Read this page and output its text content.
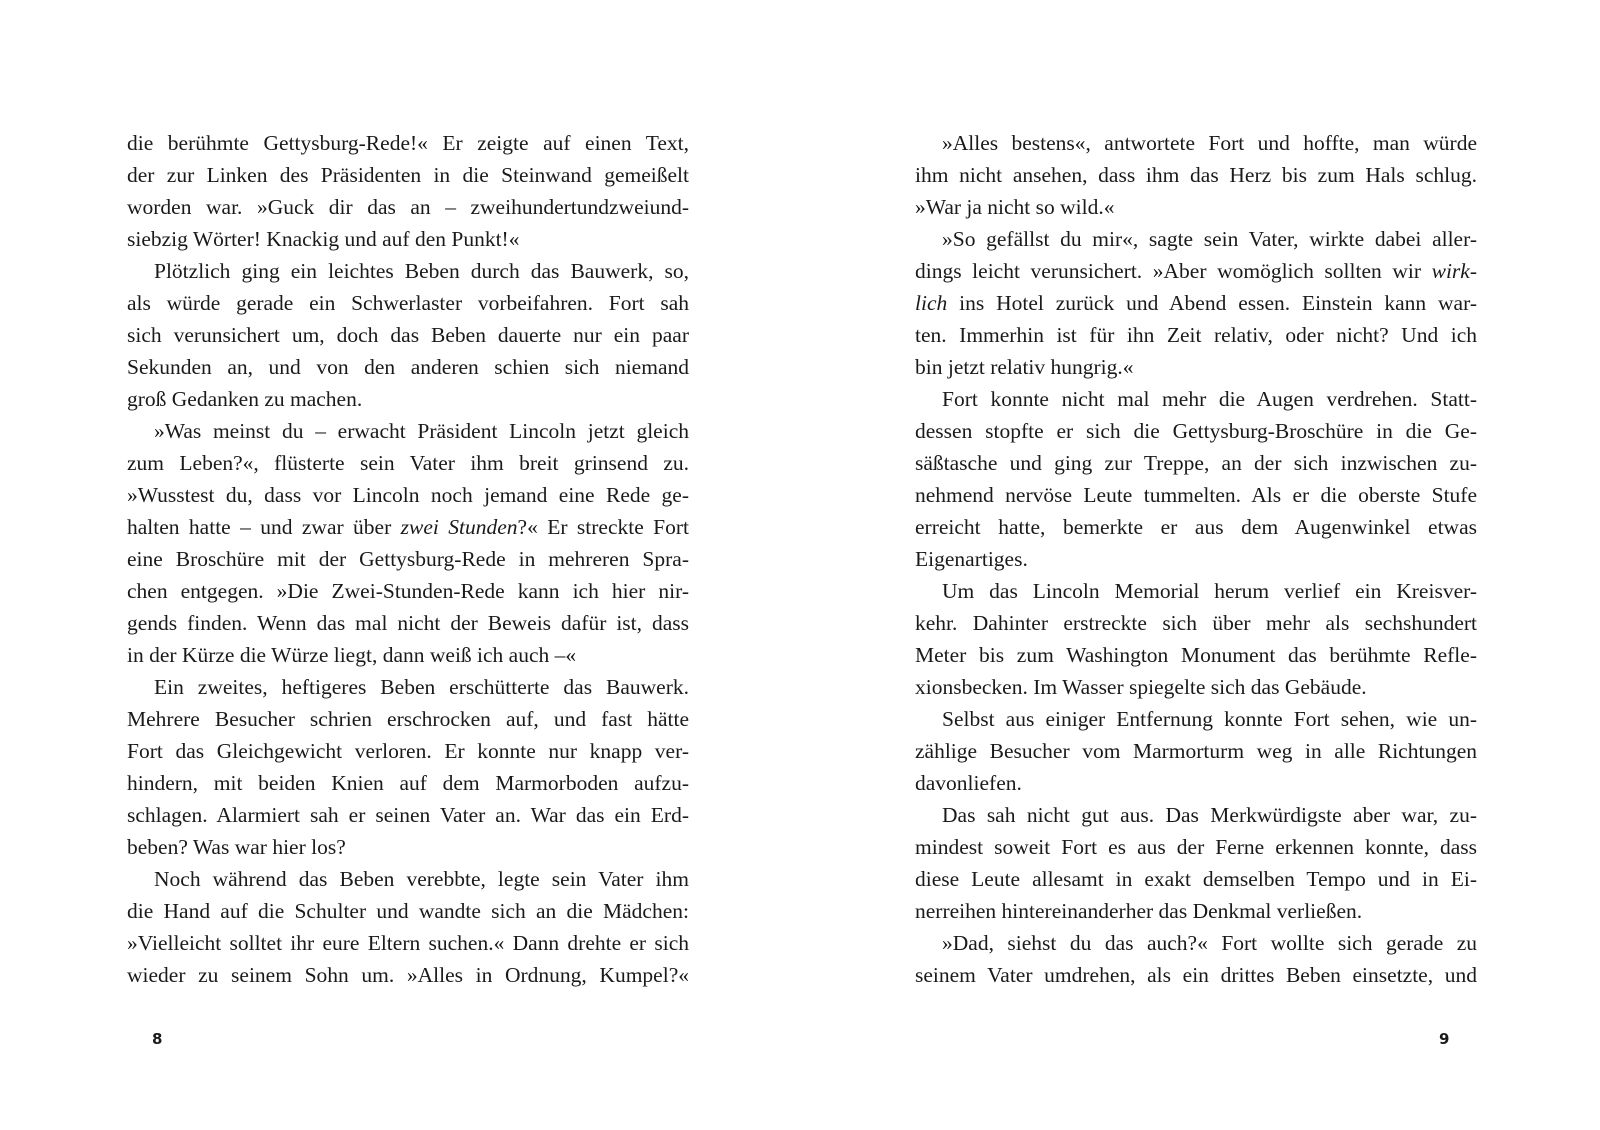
die berühmte Gettysburg-Rede!« Er zeigte auf einen Text,
der zur Linken des Präsidenten in die Steinwand gemeißelt
worden war. »Guck dir das an – zweihundertundzweiund-
siebzig Wörter! Knackig und auf den Punkt!«
Plötzlich ging ein leichtes Beben durch das Bauwerk, so,
als würde gerade ein Schwerlaster vorbeifahren. Fort sah
sich verunsichert um, doch das Beben dauerte nur ein paar
Sekunden an, und von den anderen schien sich niemand
groß Gedanken zu machen.
»Was meinst du – erwacht Präsident Lincoln jetzt gleich
zum Leben?«, flüsterte sein Vater ihm breit grinsend zu.
»Wusstest du, dass vor Lincoln noch jemand eine Rede ge-
halten hatte – und zwar über zwei Stunden?« Er streckte Fort
eine Broschüre mit der Gettysburg-Rede in mehreren Spra-
chen entgegen. »Die Zwei-Stunden-Rede kann ich hier nir-
gends finden. Wenn das mal nicht der Beweis dafür ist, dass
in der Kürze die Würze liegt, dann weiß ich auch –«
Ein zweites, heftigeres Beben erschütterte das Bauwerk.
Mehrere Besucher schrien erschrocken auf, und fast hätte
Fort das Gleichgewicht verloren. Er konnte nur knapp ver-
hindern, mit beiden Knien auf dem Marmorboden aufzu-
schlagen. Alarmiert sah er seinen Vater an. War das ein Erd-
beben? Was war hier los?
Noch während das Beben verebbte, legte sein Vater ihm
die Hand auf die Schulter und wandte sich an die Mädchen:
»Vielleicht solltet ihr eure Eltern suchen.« Dann drehte er sich
wieder zu seinem Sohn um. »Alles in Ordnung, Kumpel?«
»Alles bestens«, antwortete Fort und hoffte, man würde
ihm nicht ansehen, dass ihm das Herz bis zum Hals schlug.
»War ja nicht so wild.«
»So gefällst du mir«, sagte sein Vater, wirkte dabei aller-
dings leicht verunsichert. »Aber womöglich sollten wir wirk-
lich ins Hotel zurück und Abend essen. Einstein kann war-
ten. Immerhin ist für ihn Zeit relativ, oder nicht? Und ich
bin jetzt relativ hungrig.«
Fort konnte nicht mal mehr die Augen verdrehen. Statt-
dessen stopfte er sich die Gettysburg-Broschüre in die Ge-
säßtasche und ging zur Treppe, an der sich inzwischen zu-
nehmend nervöse Leute tummelten. Als er die oberste Stufe
erreicht hatte, bemerkte er aus dem Augenwinkel etwas
Eigenartiges.
Um das Lincoln Memorial herum verlief ein Kreisver-
kehr. Dahinter erstreckte sich über mehr als sechshundert
Meter bis zum Washington Monument das berühmte Refle-
xionsbecken. Im Wasser spiegelte sich das Gebäude.
Selbst aus einiger Entfernung konnte Fort sehen, wie un-
zählige Besucher vom Marmorturm weg in alle Richtungen
davonliefen.
Das sah nicht gut aus. Das Merkwürdigste aber war, zu-
mindest soweit Fort es aus der Ferne erkennen konnte, dass
diese Leute allesamt in exakt demselben Tempo und in Ei-
nerreihen hintereinanderher das Denkmal verließen.
»Dad, siehst du das auch?« Fort wollte sich gerade zu
seinem Vater umdrehen, als ein drittes Beben einsetzte, und
8	9
